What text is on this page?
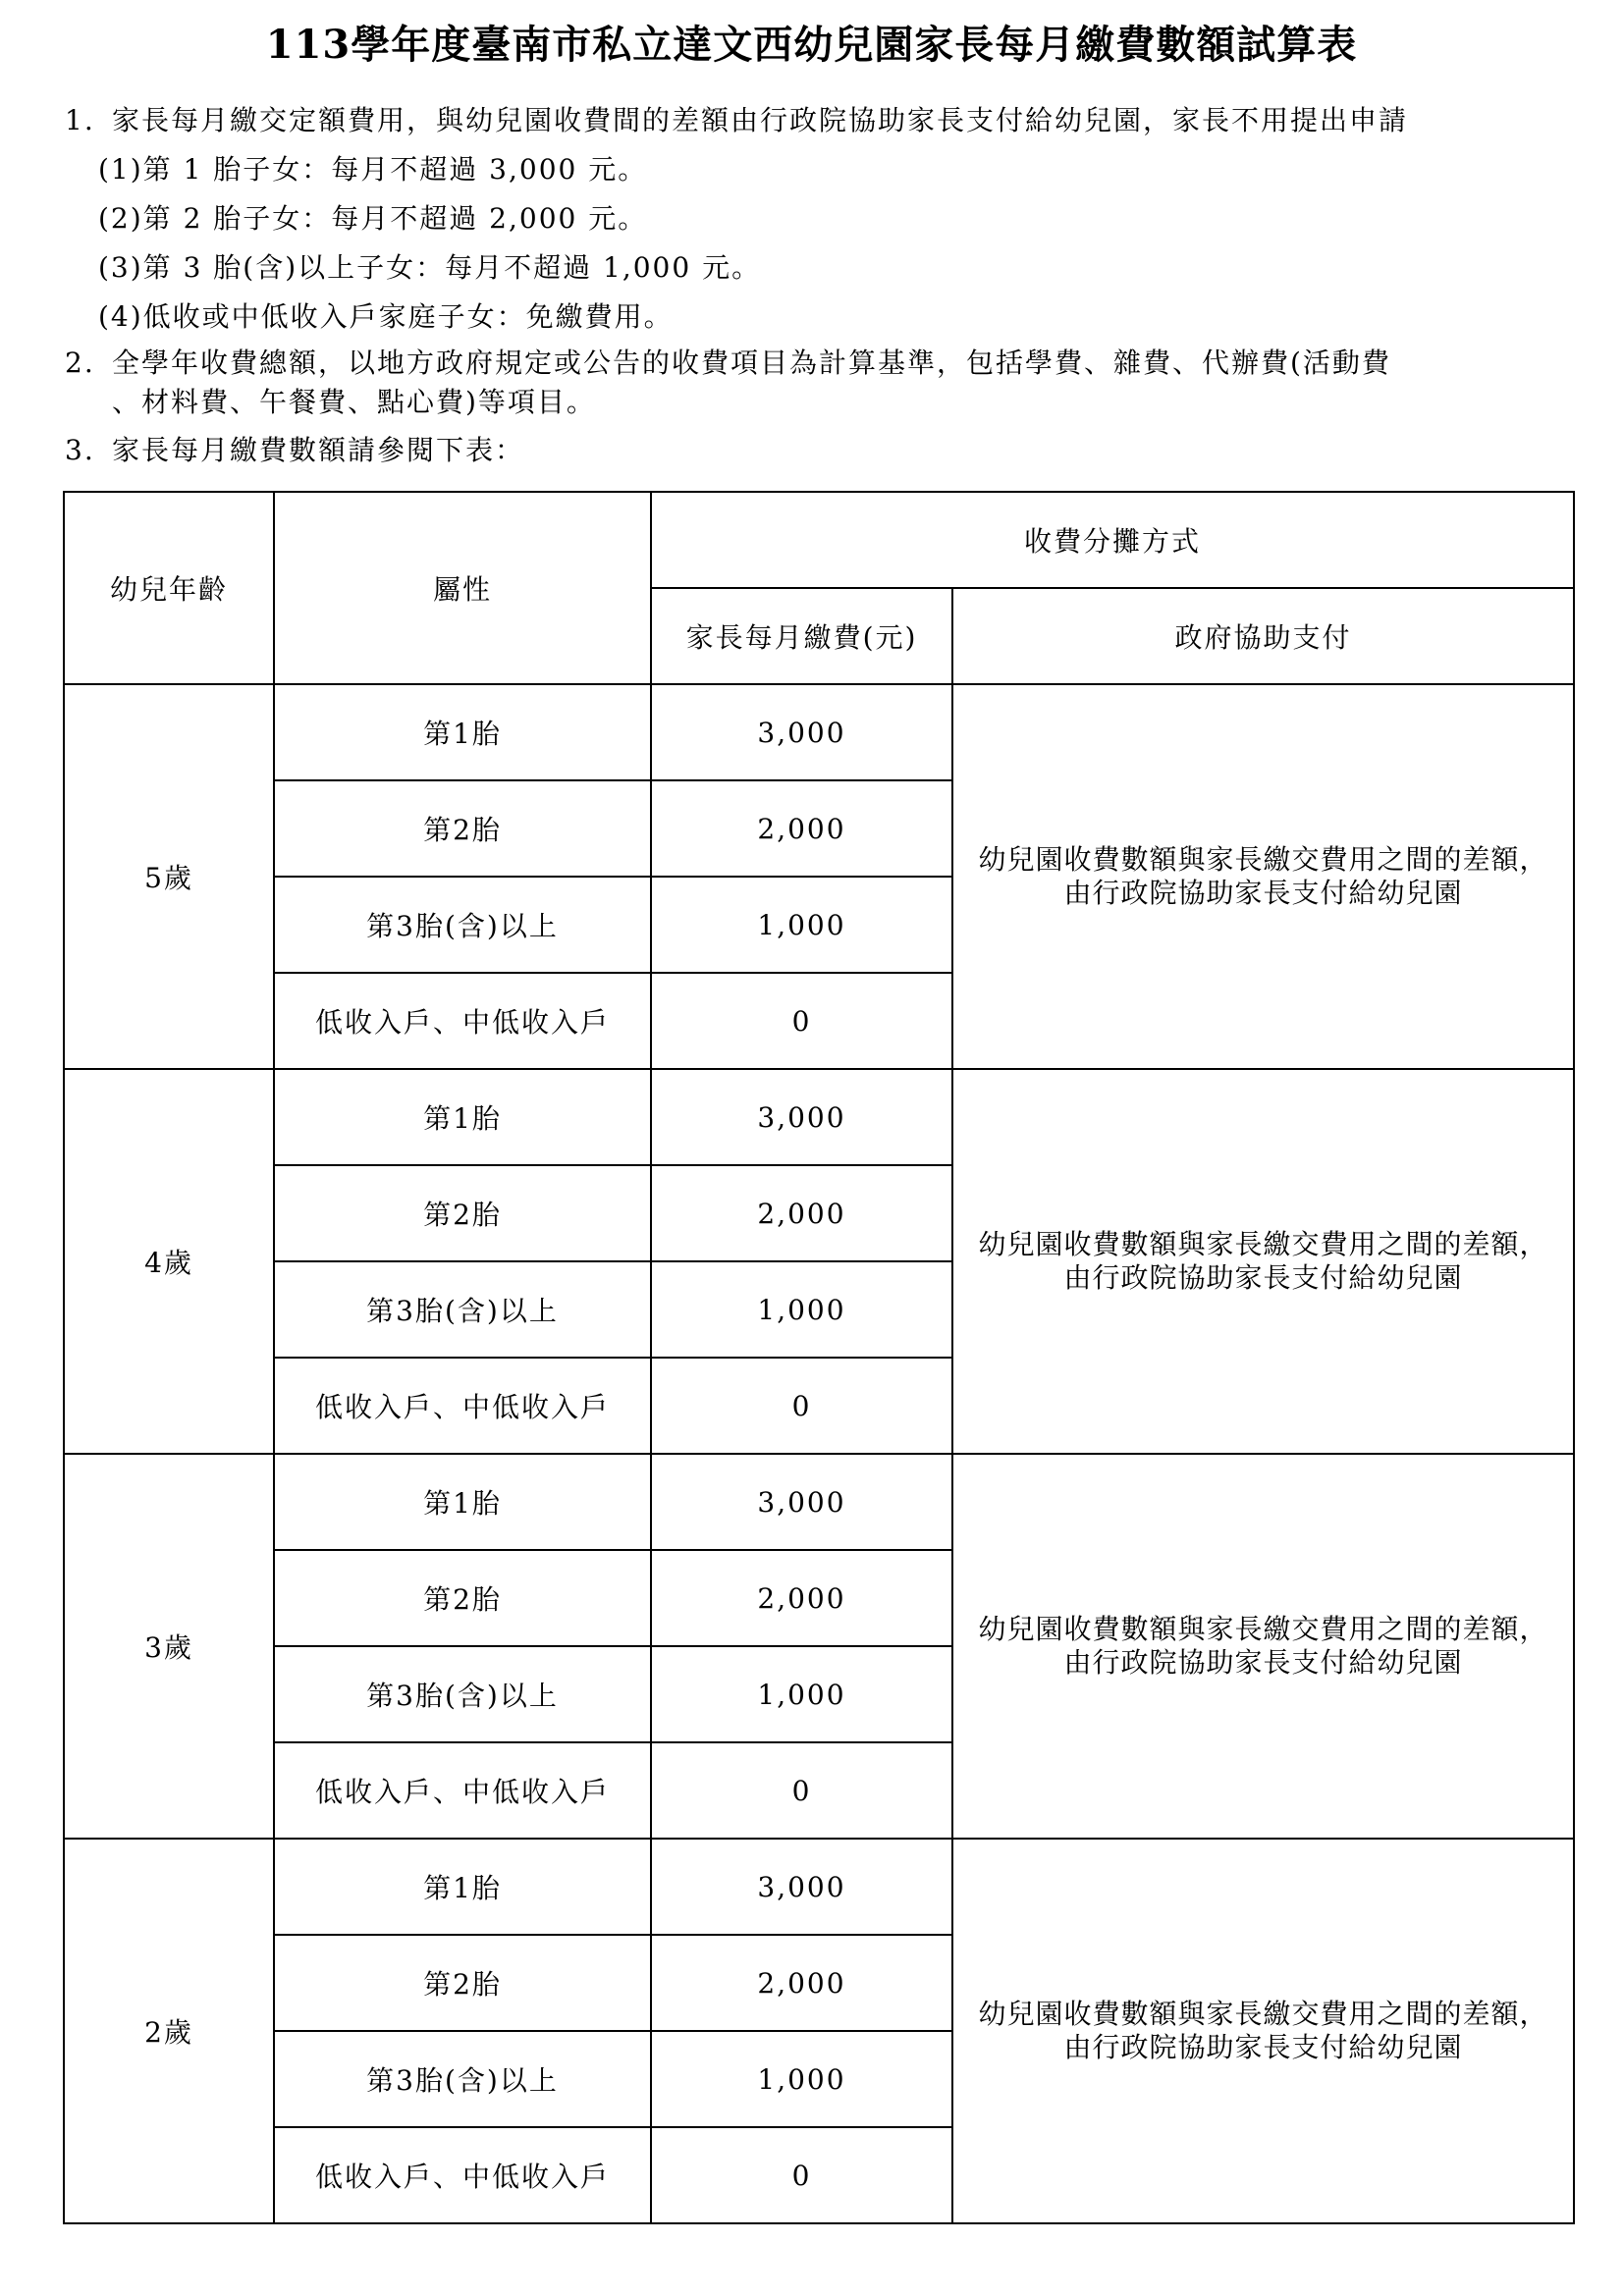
113學年度臺南市私立達文西幼兒園家長每月繳費數額試算表
1. 家長每月繳交定額費用，與幼兒園收費間的差額由行政院協助家長支付給幼兒園，家長不用提出申請
(1)第 1 胎子女：每月不超過 3,000 元。
(2)第 2 胎子女：每月不超過 2,000 元。
(3)第 3 胎(含)以上子女：每月不超過 1,000 元。
(4)低收或中低收入戶家庭子女：免繳費用。
2. 全學年收費總額，以地方政府規定或公告的收費項目為計算基準，包括學費、雜費、代辦費(活動費
、材料費、午餐費、點心費)等項目。
3. 家長每月繳費數額請參閱下表：
幼兒年齡	屬性	收費分攤方式	
		家長每月繳費(元)	政府協助支付
5歲	第1胎	3,000	幼兒園收費數額與家長繳交費用之間的差額，由行政院協助家長支付給幼兒園

	第2胎	2,000	
	第3胎(含)以上	1,000	
	低收入戶、中低收入戶	0	
4歲	第1胎	3,000	幼兒園收費數額與家長繳交費用之間的差額，由行政院協助家長支付給幼兒園

	第2胎	2,000	
	第3胎(含)以上	1,000	
	低收入戶、中低收入戶	0	
3歲	第1胎	3,000	幼兒園收費數額與家長繳交費用之間的差額，由行政院協助家長支付給幼兒園

	第2胎	2,000	
	第3胎(含)以上	1,000	
	低收入戶、中低收入戶	0	
2歲	第1胎	3,000	幼兒園收費數額與家長繳交費用之間的差額，由行政院協助家長支付給幼兒園

	第2胎	2,000	
	第3胎(含)以上	1,000	
	低收入戶、中低收入戶	0	
